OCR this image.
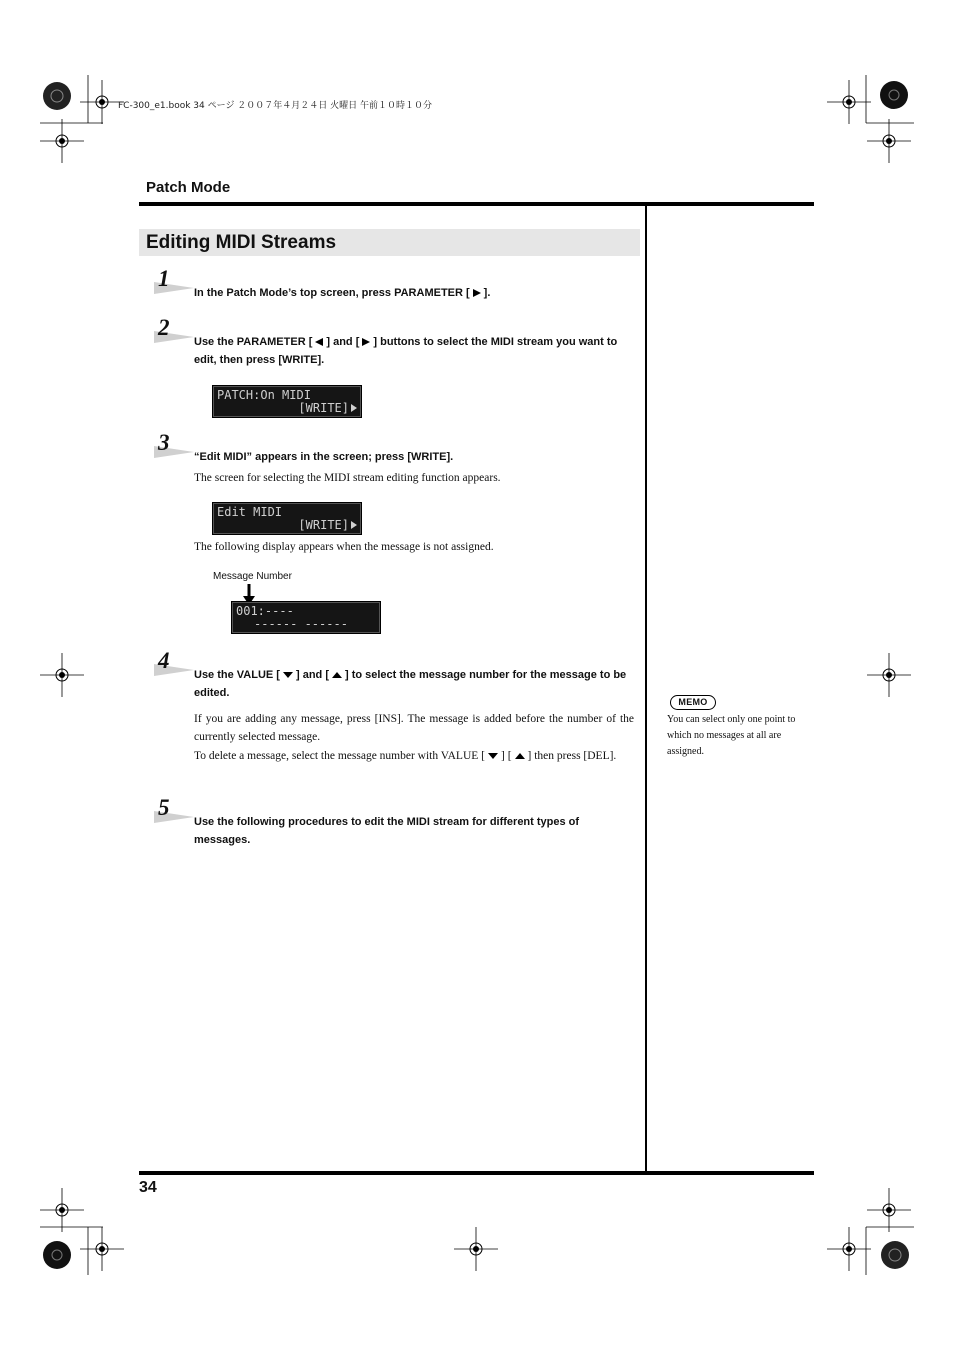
FC-300_e1.book 34 ページ ２００７年４月２４日 火曜日 午前１０時１０分
Patch Mode
Editing MIDI Streams
1
In the Patch Mode’s top screen, press PARAMETER [ ].
2
Use the PARAMETER [ ] and [ ] buttons to select the MIDI stream you want to edit, then press [WRITE].
PATCH:On MIDI
[WRITE]
3
“Edit MIDI” appears in the screen; press [WRITE].
The screen for selecting the MIDI stream editing function appears.
Edit MIDI
[WRITE]
The following display appears when the message is not assigned.
Message Number
001:----
------ ------
4
Use the VALUE [ ] and [ ] to select the message number for the message to be edited.
If you are adding any message, press [INS]. The message is added before the number of the currently selected message.
To delete a message, select the message number with VALUE [ ] [ ] then press [DEL].
5
Use the following procedures to edit the MIDI stream for different types of messages.
MEMO
You can select only one point to which no messages at all are assigned.
34
